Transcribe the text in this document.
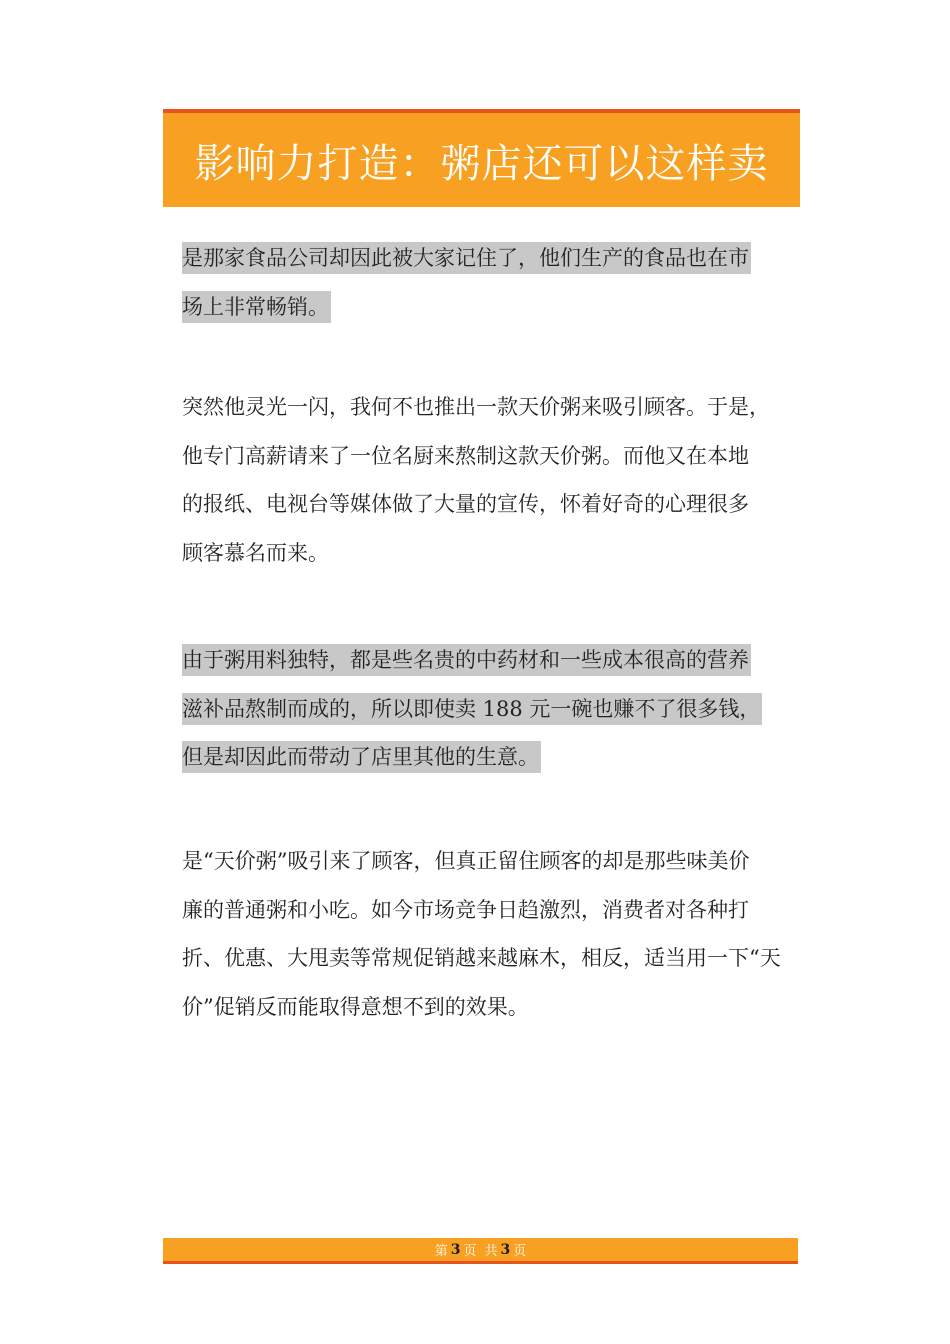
影响力打造：粥店还可以这样卖
是那家食品公司却因此被大家记住了，他们生产的食品也在市
场上非常畅销。
突然他灵光一闪，我何不也推出一款天价粥来吸引顾客。于是，
他专门高薪请来了一位名厨来熬制这款天价粥。而他又在本地
的报纸、电视台等媒体做了大量的宣传，怀着好奇的心理很多
顾客慕名而来。
由于粥用料独特，都是些名贵的中药材和一些成本很高的营养
滋补品熬制而成的，所以即使卖 188 元一碗也赚不了很多钱，
但是却因此而带动了店里其他的生意。
是“天价粥”吸引来了顾客，但真正留住顾客的却是那些味美价
廉的普通粥和小吃。如今市场竞争日趋激烈，消费者对各种打
折、优惠、大甩卖等常规促销越来越麻木，相反，适当用一下“天
价”促销反而能取得意想不到的效果。
第 3 页 共 3 页
